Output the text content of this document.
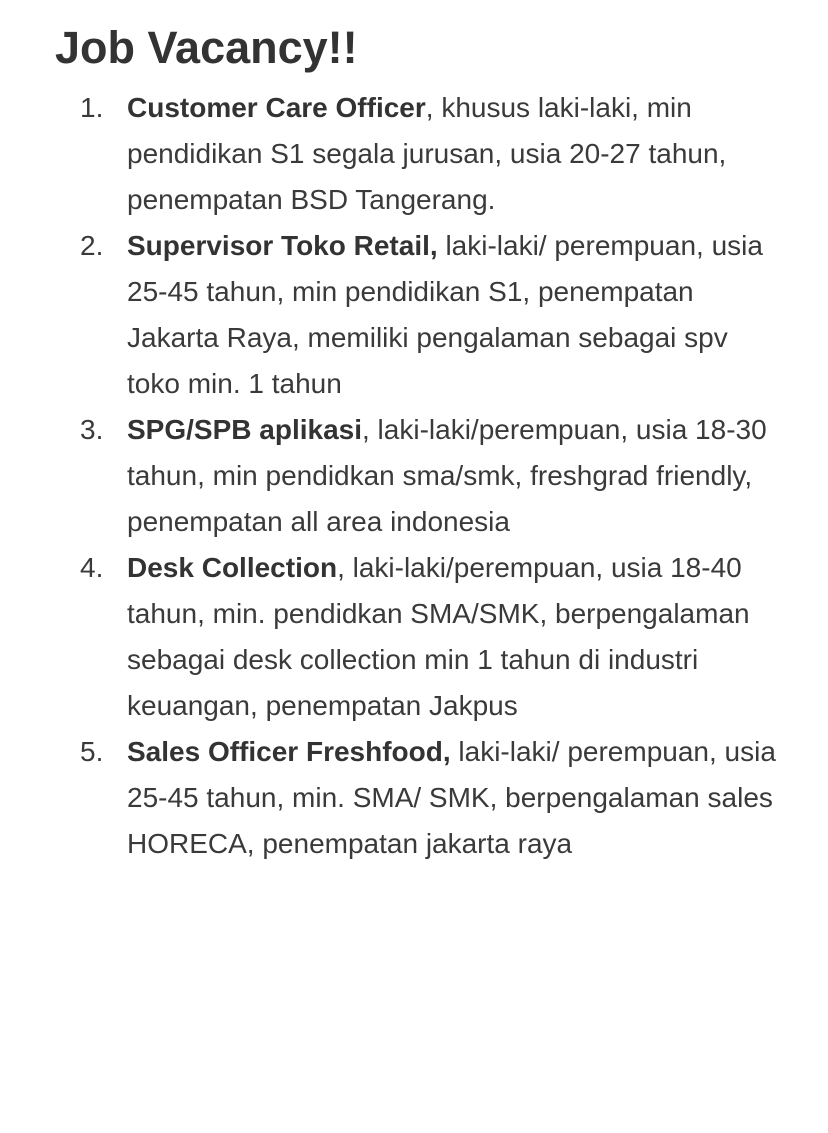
Job Vacancy!!
1. Customer Care Officer, khusus laki-laki, min pendidikan S1 segala jurusan, usia 20-27 tahun, penempatan BSD Tangerang.
2. Supervisor Toko Retail, laki-laki/ perempuan, usia 25-45 tahun, min pendidikan S1, penempatan Jakarta Raya, memiliki pengalaman sebagai spv toko min. 1 tahun
3. SPG/SPB aplikasi, laki-laki/perempuan, usia 18-30 tahun, min pendidkan sma/smk, freshgrad friendly, penempatan all area indonesia
4. Desk Collection, laki-laki/perempuan, usia 18-40 tahun, min. pendidkan SMA/SMK, berpengalaman sebagai desk collection min 1 tahun di industri keuangan, penempatan Jakpus
5. Sales Officer Freshfood, laki-laki/ perempuan, usia 25-45 tahun, min. SMA/ SMK, berpengalaman sales HORECA, penempatan jakarta raya
